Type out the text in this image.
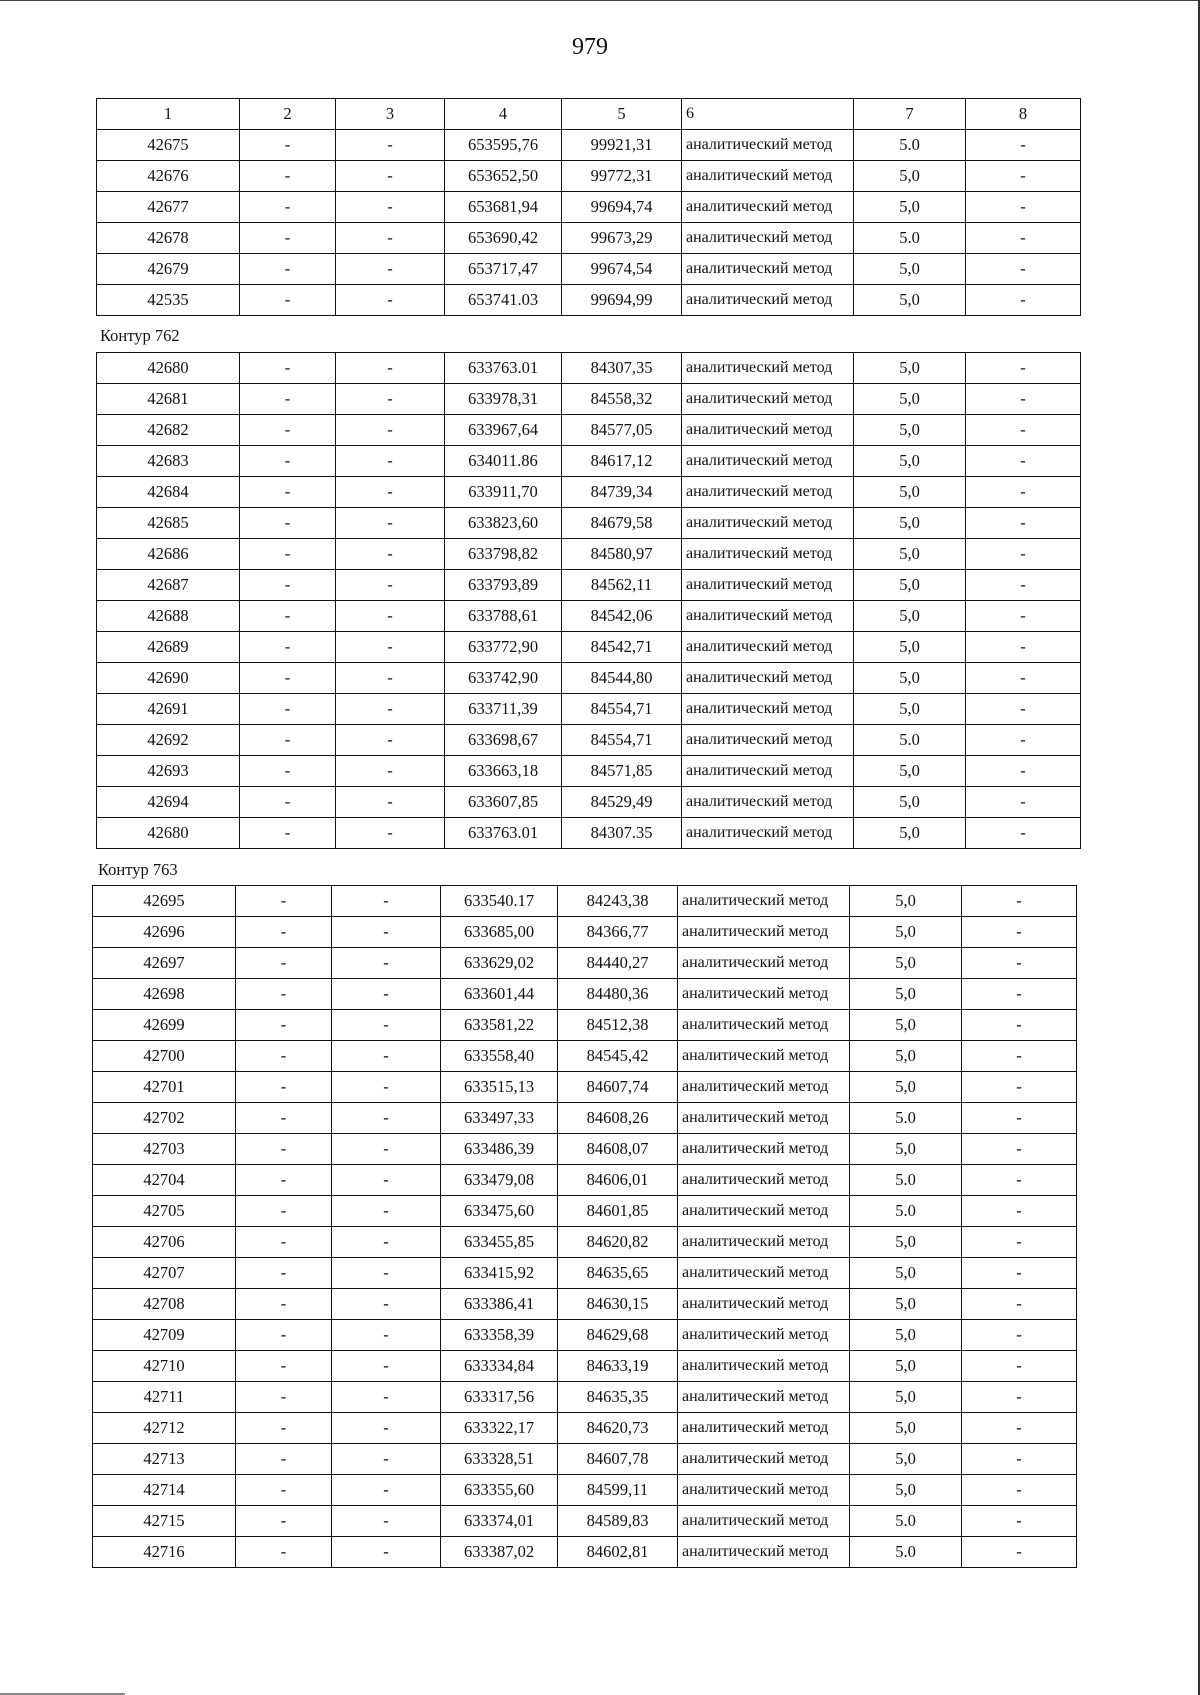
979
1	2	3	4	5	6	7	8
42675	-	-	653595,76	99921,31	аналитический метод	5.0	-
42676	-	-	653652,50	99772,31	аналитический метод	5,0	-
42677	-	-	653681,94	99694,74	аналитический метод	5,0	-
42678	-	-	653690,42	99673,29	аналитический метод	5.0	-
42679	-	-	653717,47	99674,54	аналитический метод	5,0	-
42535	-	-	653741.03	99694,99	аналитический метод	5,0	-
Контур 762
42680	-	-	633763.01	84307,35	аналитический метод	5,0	-
42681	-	-	633978,31	84558,32	аналитический метод	5,0	-
42682	-	-	633967,64	84577,05	аналитический метод	5,0	-
42683	-	-	634011.86	84617,12	аналитический метод	5,0	-
42684	-	-	633911,70	84739,34	аналитический метод	5,0	-
42685	-	-	633823,60	84679,58	аналитический метод	5,0	-
42686	-	-	633798,82	84580,97	аналитический метод	5,0	-
42687	-	-	633793,89	84562,11	аналитический метод	5,0	-
42688	-	-	633788,61	84542,06	аналитический метод	5,0	-
42689	-	-	633772,90	84542,71	аналитический метод	5,0	-
42690	-	-	633742,90	84544,80	аналитический метод	5,0	-
42691	-	-	633711,39	84554,71	аналитический метод	5,0	-
42692	-	-	633698,67	84554,71	аналитический метод	5.0	-
42693	-	-	633663,18	84571,85	аналитический метод	5,0	-
42694	-	-	633607,85	84529,49	аналитический метод	5,0	-
42680	-	-	633763.01	84307.35	аналитический метод	5,0	-
Контур 763
42695	-	-	633540.17	84243,38	аналитический метод	5,0	-
42696	-	-	633685,00	84366,77	аналитический метод	5,0	-
42697	-	-	633629,02	84440,27	аналитический метод	5,0	-
42698	-	-	633601,44	84480,36	аналитический метод	5,0	-
42699	-	-	633581,22	84512,38	аналитический метод	5,0	-
42700	-	-	633558,40	84545,42	аналитический метод	5,0	-
42701	-	-	633515,13	84607,74	аналитический метод	5,0	-
42702	-	-	633497,33	84608,26	аналитический метод	5.0	-
42703	-	-	633486,39	84608,07	аналитический метод	5,0	-
42704	-	-	633479,08	84606,01	аналитический метод	5.0	-
42705	-	-	633475,60	84601,85	аналитический метод	5.0	-
42706	-	-	633455,85	84620,82	аналитический метод	5,0	-
42707	-	-	633415,92	84635,65	аналитический метод	5,0	-
42708	-	-	633386,41	84630,15	аналитический метод	5,0	-
42709	-	-	633358,39	84629,68	аналитический метод	5,0	-
42710	-	-	633334,84	84633,19	аналитический метод	5,0	-
42711	-	-	633317,56	84635,35	аналитический метод	5,0	-
42712	-	-	633322,17	84620,73	аналитический метод	5,0	-
42713	-	-	633328,51	84607,78	аналитический метод	5,0	-
42714	-	-	633355,60	84599,11	аналитический метод	5,0	-
42715	-	-	633374,01	84589,83	аналитический метод	5.0	-
42716	-	-	633387,02	84602,81	аналитический метод	5.0	-
